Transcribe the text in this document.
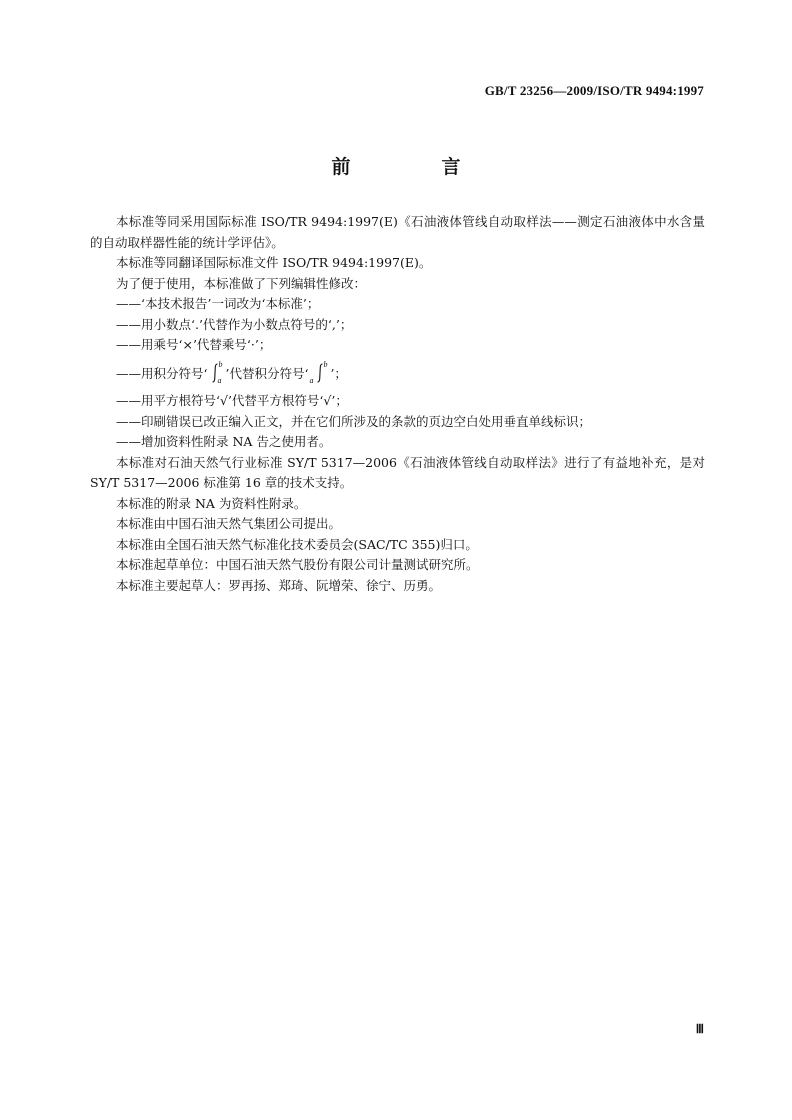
GB/T 23256—2009/ISO/TR 9494:1997
前　言

本标准等同采用国际标准 ISO/TR 9494:1997(E)《石油液体管线自动取样法——测定石油液体中水含量的自动取样器性能的统计学评估》。

本标准等同翻译国际标准文件 ISO/TR 9494:1997(E)。

为了便于使用，本标准做了下列编辑性修改：

——‘本技术报告’一词改为‘本标准’；

——用小数点‘.’代替作为小数点符号的‘,’；

——用乘号‘×’代替乘号‘·’；

——用积分符号‘
b
a ’代替积分符号‘ a
b
’；

——用平方根符号‘√’代替平方根符号‘√’；

——印刷错误已改正编入正文，并在它们所涉及的条款的页边空白处用垂直单线标识；

——增加资料性附录 NA 告之使用者。

本标准对石油天然气行业标准 SY/T 5317—2006《石油液体管线自动取样法》进行了有益地补充，是对 SY/T 5317—2006 标准第 16 章的技术支持。

本标准的附录 NA 为资料性附录。

本标准由中国石油天然气集团公司提出。

本标准由全国石油天然气标准化技术委员会(SAC/TC 355)归口。

本标准起草单位：中国石油天然气股份有限公司计量测试研究所。

本标准主要起草人：罗再扬、郑琦、阮增荣、徐宁、历勇。

Ⅲ
